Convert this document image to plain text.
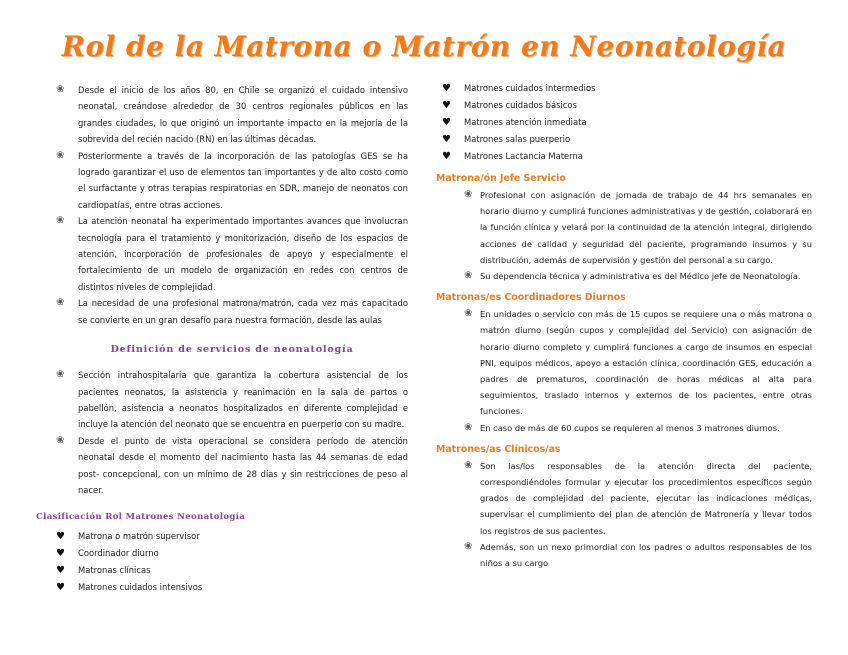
Rol de la Matrona o Matrón en Neonatología
❀	Desde el inicio de los años 80, en Chile se organizó el cuidado intensivo neonatal, creándose alrededor de 30 centros regionales públicos en las grandes ciudades, lo que originó un importante impacto en la mejoría de la sobrevida del recién nacido (RN) en las últimas décadas.
❀	Posteriormente a través de la incorporación de las patologías GES se ha logrado garantizar el uso de elementos tan importantes y de alto costo como el surfactante y otras terapias respiratorias en SDR, manejo de neonatos con cardiopatías, entre otras acciones.
❀	La atención neonatal ha experimentado importantes avances que involucran tecnología para el tratamiento y monitorización, diseño de los espacios de atención, incorporación de profesionales de apoyo y especialmente el fortalecimiento de un modelo de organización en redes con centros de distintos niveles de complejidad.
❀	La necesidad de una profesional matrona/matrón, cada vez más capacitado se convierte en un gran desafío para nuestra formación, desde las aulas
Definición de servicios de neonatología
❀	Sección intrahospitalaria que garantiza la cobertura asistencial de los pacientes neonatos, la asistencia y reanimación en la sala de partos o pabellón, asistencia a neonatos hospitalizados en diferente complejidad e incluye la atención del neonato que se encuentra en puerperio con su madre.
❀	Desde el punto de vista operacional se considera período de atención neonatal desde el momento del nacimiento hasta las 44 semanas de edad post- concepcional, con un mínimo de 28 días y sin restricciones de peso al nacer.
Clasificación Rol Matrones Neonatología
♥	Matrona o matrón supervisor
♥	Coordinador diurno
♥	Matronas clínicas
♥	Matrones cuidados intensivos
♥	Matrones cuidados intermedios
♥	Matrones cuidados básicos
♥	Matrones atención inmediata
♥	Matrones salas puerperio
♥	Matrones Lactancia Materna
Matrona/ón Jefe Servicio
❀ Profesional con asignación de jornada de trabajo de 44 hrs semanales en horario diurno y cumplirá funciones administrativas y de gestión, colaborará en la función clínica y velará por la continuidad de la atención integral, dirigiendo acciones de calidad y seguridad del paciente, programando insumos y su distribución, además de supervisión y gestión del personal a su cargo.
❀ Su dependencia técnica y administrativa es del Médico jefe de Neonatología.
Matronas/es Coordinadores Diurnos
❀ En unidades o servicio con más de 15 cupos se requiere una o más matrona o matrón diurno (según cupos y complejidad del Servicio) con asignación de horario diurno completo y cumplirá funciones a cargo de insumos en especial PNI, equipos médicos, apoyo a estación clínica, coordinación GES, educación a padres de prematuros, coordinación de horas médicas al alta para seguimientos, traslado internos y externos de los pacientes, entre otras funciones.
❀ En caso de más de 60 cupos se requieren al menos 3 matrones diurnos.
Matrones/as Clínicos/as
❀ Son las/los responsables de la atención directa del paciente, correspondiéndoles formular y ejecutar los procedimientos específicos según grados de complejidad del paciente, ejecutar las indicaciones médicas, supervisar el cumplimiento del plan de atención de Matronería y llevar todos los registros de sus pacientes.
❀ Además, son un nexo primordial con los padres o adultos responsables de los niños a su cargo
